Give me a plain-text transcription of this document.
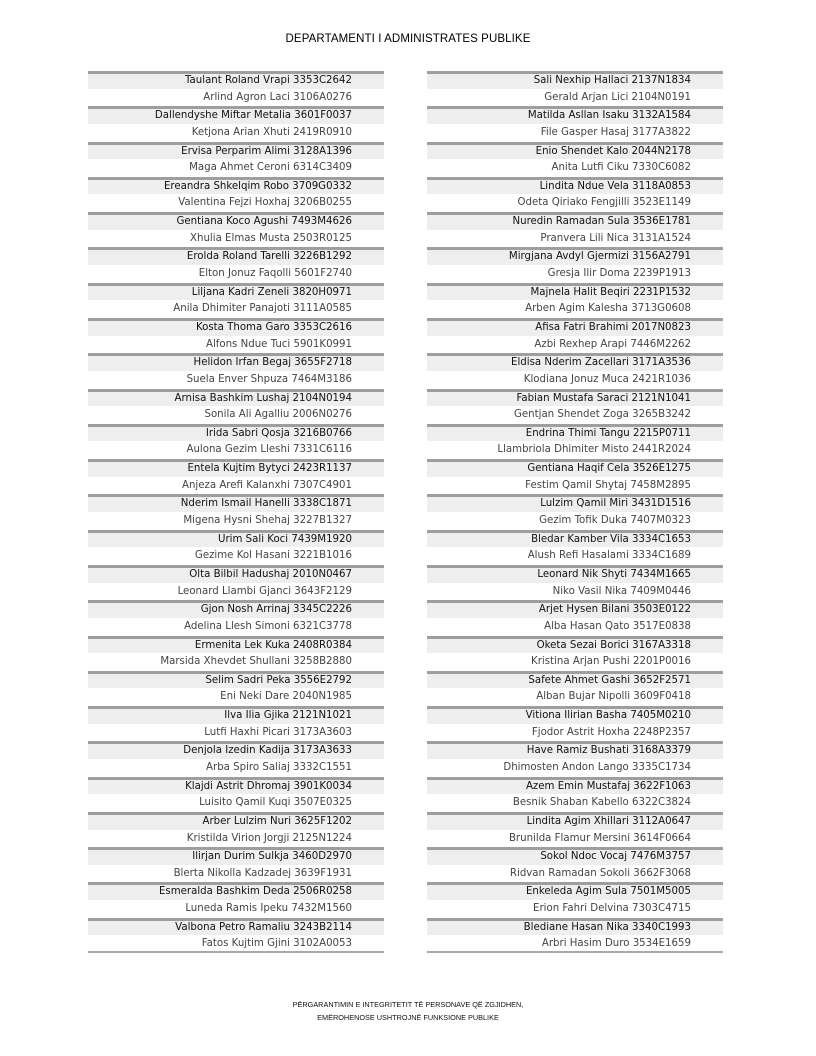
DEPARTAMENTI I ADMINISTRATES PUBLIKE
Taulant Roland Vrapi 3353C2642
Arlind Agron Laci 3106A0276
Dallendyshe Miftar Metalia 3601F0037
Ketjona Arian Xhuti 2419R0910
Ervisa Perparim Alimi 3128A1396
Maga Ahmet Ceroni 6314C3409
Ereandra Shkelqim Robo 3709G0332
Valentina Fejzi Hoxhaj 3206B0255
Gentiana Koco Agushi 7493M4626
Xhulia Elmas Musta 2503R0125
Erolda Roland Tarelli 3226B1292
Elton Jonuz Faqolli 5601F2740
Liljana Kadri Zeneli 3820H0971
Anila Dhimiter Panajoti 3111A0585
Kosta Thoma Garo 3353C2616
Alfons Ndue Tuci 5901K0991
Helidon Irfan Begaj 3655F2718
Suela Enver Shpuza 7464M3186
Arnisa Bashkim Lushaj 2104N0194
Sonila Ali Agalliu 2006N0276
Irida Sabri Qosja 3216B0766
Aulona Gezim Lleshi 7331C6116
Entela Kujtim Bytyci 2423R1137
Anjeza Arefi Kalanxhi 7307C4901
Nderim Ismail Hanelli 3338C1871
Migena Hysni Shehaj 3227B1327
Urim Sali Koci 7439M1920
Gezime Kol Hasani 3221B1016
Olta Bilbil Hadushaj 2010N0467
Leonard Llambi Gjanci 3643F2129
Gjon Nosh Arrinaj 3345C2226
Adelina Llesh Simoni 6321C3778
Ermenita Lek Kuka 2408R0384
Marsida Xhevdet Shullani 3258B2880
Selim Sadri Peka 3556E2792
Eni Neki Dare 2040N1985
Ilva Ilia Gjika 2121N1021
Lutfi Haxhi Picari 3173A3603
Denjola Izedin Kadija 3173A3633
Arba Spiro Saliaj 3332C1551
Klajdi Astrit Dhromaj 3901K0034
Luisito Qamil Kuqi 3507E0325
Arber Lulzim Nuri 3625F1202
Kristilda Virion Jorgji 2125N1224
Ilirjan Durim Sulkja 3460D2970
Blerta Nikolla Kadzadej 3639F1931
Esmeralda Bashkim Deda 2506R0258
Luneda Ramis Ipeku 7432M1560
Valbona Petro Ramaliu 3243B2114
Fatos Kujtim Gjini 3102A0053
Sali Nexhip Hallaci 2137N1834
Gerald Arjan Lici 2104N0191
Matilda Asllan Isaku 3132A1584
File Gasper Hasaj 3177A3822
Enio Shendet Kalo 2044N2178
Anita Lutfi Ciku 7330C6082
Lindita Ndue Vela 3118A0853
Odeta Qiriako Fengjilli 3523E1149
Nuredin Ramadan Sula 3536E1781
Pranvera Lili Nica 3131A1524
Mirgjana Avdyl Gjermizi 3156A2791
Gresja Ilir Doma 2239P1913
Majnela Halit Beqiri 2231P1532
Arben Agim Kalesha 3713G0608
Afisa Fatri Brahimi 2017N0823
Azbi Rexhep Arapi 7446M2262
Eldisa Nderim Zacellari 3171A3536
Klodiana Jonuz Muca 2421R1036
Fabian Mustafa Saraci 2121N1041
Gentjan Shendet Zoga 3265B3242
Endrina Thimi Tangu 2215P0711
Llambriola Dhimiter Misto 2441R2024
Gentiana Haqif Cela 3526E1275
Festim Qamil Shytaj 7458M2895
Lulzim Qamil Miri 3431D1516
Gezim Tofik Duka 7407M0323
Bledar Kamber Vila 3334C1653
Alush Refi Hasalami 3334C1689
Leonard Nik Shyti 7434M1665
Niko Vasil Nika 7409M0446
Arjet Hysen Bilani 3503E0122
Alba Hasan Qato 3517E0838
Oketa Sezai Borici 3167A3318
Kristina Arjan Pushi 2201P0016
Safete Ahmet Gashi 3652F2571
Alban Bujar Nipolli 3609F0418
Vitiona Ilirian Basha 7405M0210
Fjodor Astrit Hoxha 2248P2357
Have Ramiz Bushati 3168A3379
Dhimosten Andon Lango 3335C1734
Azem Emin Mustafaj 3622F1063
Besnik Shaban Kabello 6322C3824
Lindita Agim Xhillari 3112A0647
Brunilda Flamur Mersini 3614F0664
Sokol Ndoc Vocaj 7476M3757
Ridvan Ramadan Sokoli 3662F3068
Enkeleda Agim Sula 7501M5005
Erion Fahri Delvina 7303C4715
Blediane Hasan Nika 3340C1993
Arbri Hasim Duro 3534E1659
PËRGARANTIMIN E INTEGRITETIT TË PERSONAVE QË ZGJIDHEN,
EMËROHENOSE USHTROJNË FUNKSIONE PUBLIKE
